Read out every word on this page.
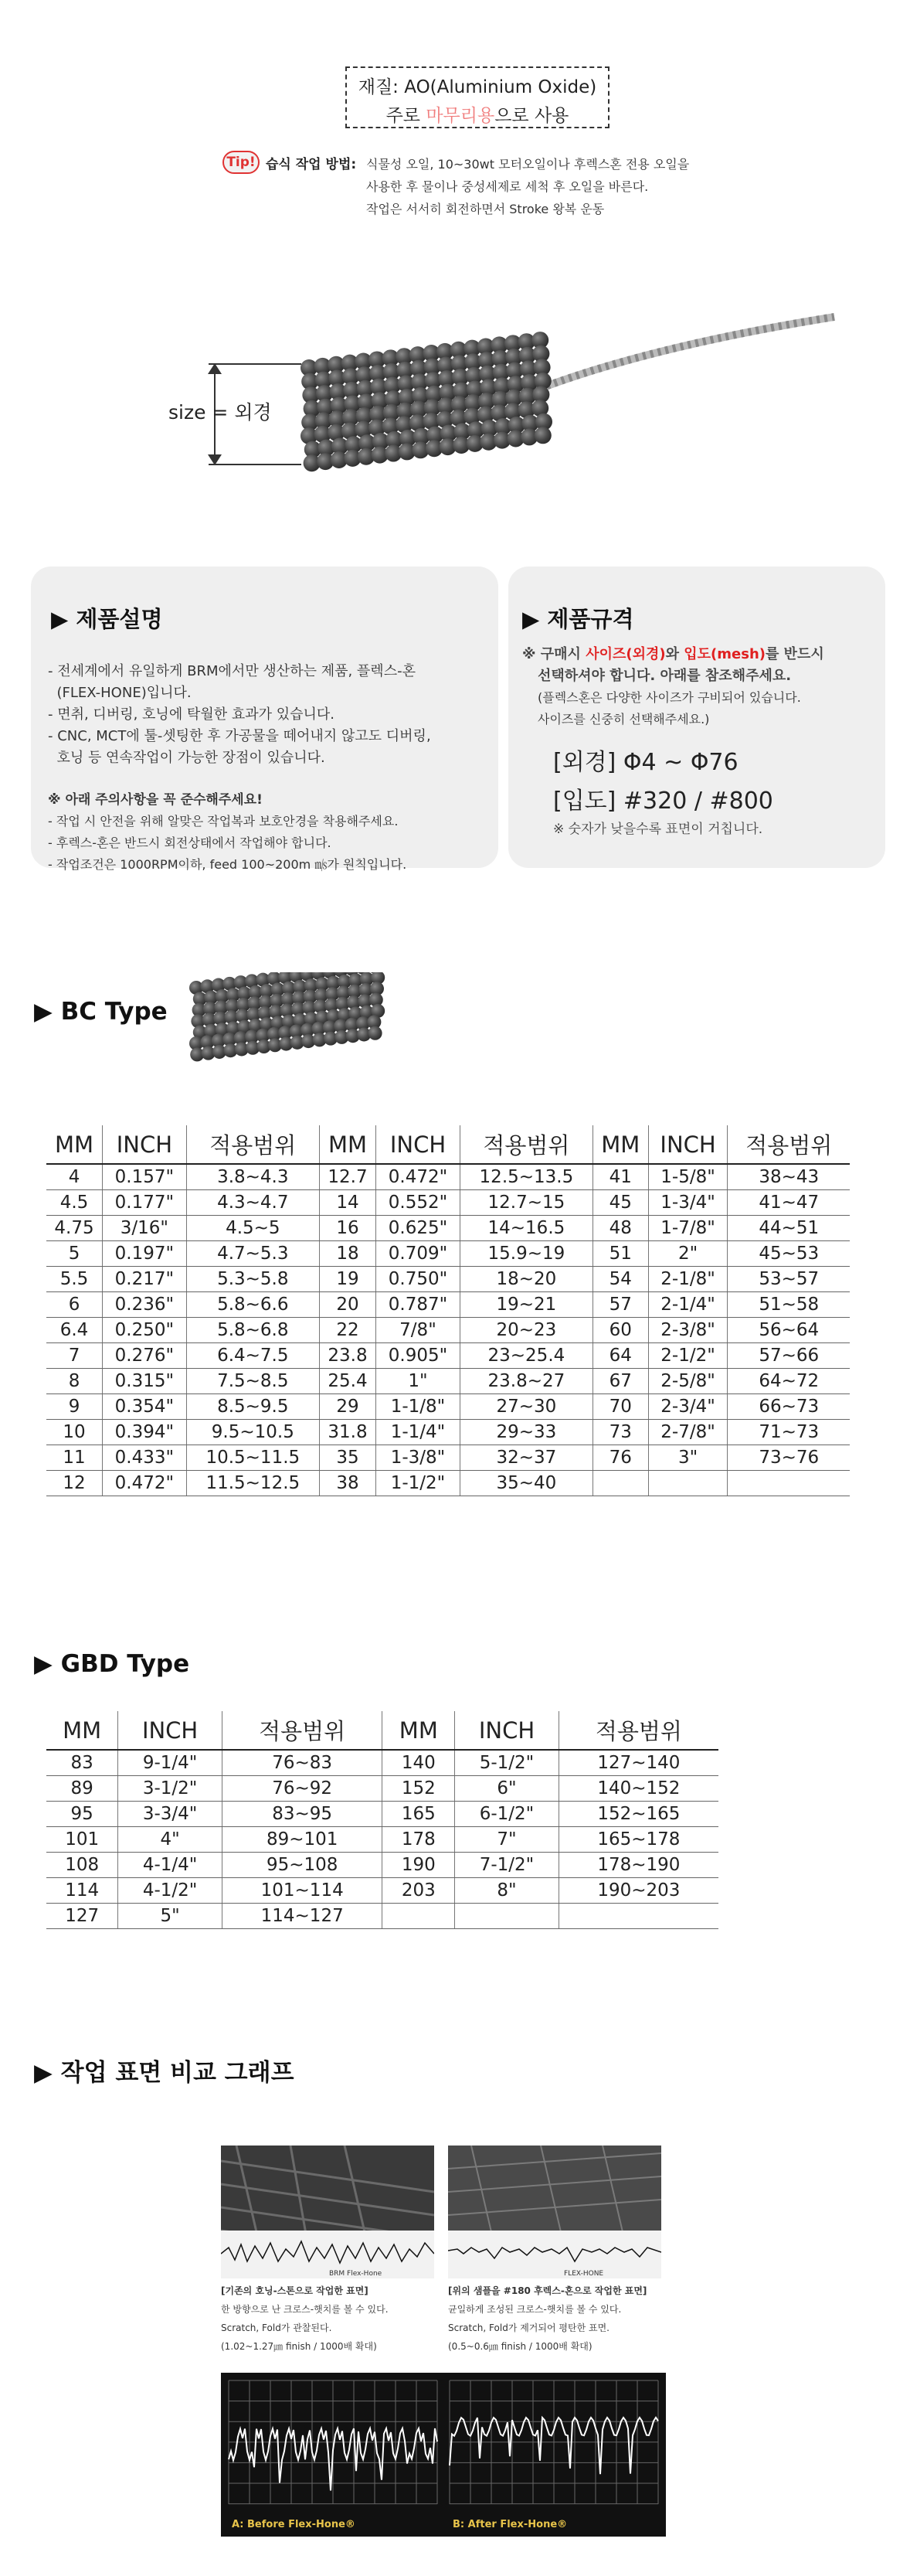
재질: AO(Aluminium Oxide)
주로 마무리용으로 사용
Tip! 습식 작업 방법: 식물성 오일, 10~30wt 모터오일이나 후렉스혼 전용 오일을
사용한 후 물이나 중성세제로 세척 후 오일을 바른다.
작업은 서서히 회전하면서 Stroke 왕복 운동
size = 외경
▶ 제품설명
- 전세계에서 유일하게 BRM에서만 생산하는 제품, 플렉스-혼
(FLEX-HONE)입니다.
- 면취, 디버링, 호닝에 탁월한 효과가 있습니다.
- CNC, MCT에 툴-셋팅한 후 가공물을 떼어내지 않고도 디버링,
호닝 등 연속작업이 가능한 장점이 있습니다.
※ 아래 주의사항을 꼭 준수해주세요!
- 작업 시 안전을 위해 알맞은 작업복과 보호안경을 착용해주세요.
- 후렉스-혼은 반드시 회전상태에서 작업해야 합니다.
- 작업조건은 1000RPM이하, feed 100~200m ㎧가 원칙입니다.
▶ 제품규격
※ 구매시 사이즈(외경)와 입도(mesh)를 반드시
선택하셔야 합니다. 아래를 참조해주세요.
(플렉스혼은 다양한 사이즈가 구비되어 있습니다.
사이즈를 신중히 선택해주세요.)
[외경] Φ4 ~ Φ76
[입도] #320 / #800
※ 숫자가 낮을수록 표면이 거칩니다.
▶ BC Type
MM	INCH	적용범위	MM	INCH	적용범위	MM	INCH	적용범위
4	0.157"	3.8~4.3	12.7	0.472"	12.5~13.5	41	1-5/8"	38~43
4.5	0.177"	4.3~4.7	14	0.552"	12.7~15	45	1-3/4"	41~47
4.75	3/16"	4.5~5	16	0.625"	14~16.5	48	1-7/8"	44~51
5	0.197"	4.7~5.3	18	0.709"	15.9~19	51	2"	45~53
5.5	0.217"	5.3~5.8	19	0.750"	18~20	54	2-1/8"	53~57
6	0.236"	5.8~6.6	20	0.787"	19~21	57	2-1/4"	51~58
6.4	0.250"	5.8~6.8	22	7/8"	20~23	60	2-3/8"	56~64
7	0.276"	6.4~7.5	23.8	0.905"	23~25.4	64	2-1/2"	57~66
8	0.315"	7.5~8.5	25.4	1"	23.8~27	67	2-5/8"	64~72
9	0.354"	8.5~9.5	29	1-1/8"	27~30	70	2-3/4"	66~73
10	0.394"	9.5~10.5	31.8	1-1/4"	29~33	73	2-7/8"	71~73
11	0.433"	10.5~11.5	35	1-3/8"	32~37	76	3"	73~76
12	0.472"	11.5~12.5	38	1-1/2"	35~40			
▶ GBD Type
MM	INCH	적용범위	MM	INCH	적용범위
83	9-1/4"	76~83	140	5-1/2"	127~140
89	3-1/2"	76~92	152	6"	140~152
95	3-3/4"	83~95	165	6-1/2"	152~165
101	4"	89~101	178	7"	165~178
108	4-1/4"	95~108	190	7-1/2"	178~190
114	4-1/2"	101~114	203	8"	190~203
127	5"	114~127			
▶ 작업 표면 비교 그래프
BRM Flex-Hone	FLEX-HONE
[기존의 호닝-스톤으로 작업한 표면]
한 방향으로 난 크로스-햇치를 볼 수 있다.
Scratch, Fold가 관찰된다.
(1.02~1.27㎛ finish / 1000배 확대)
[위의 샘플을 #180 후렉스-혼으로 작업한 표면]
균일하게 조성된 크로스-햇치를 볼 수 있다.
Scratch, Fold가 제거되어 평탄한 표면.
(0.5~0.6㎛ finish / 1000배 확대)
A: Before Flex-Hone®	B: After Flex-Hone®
